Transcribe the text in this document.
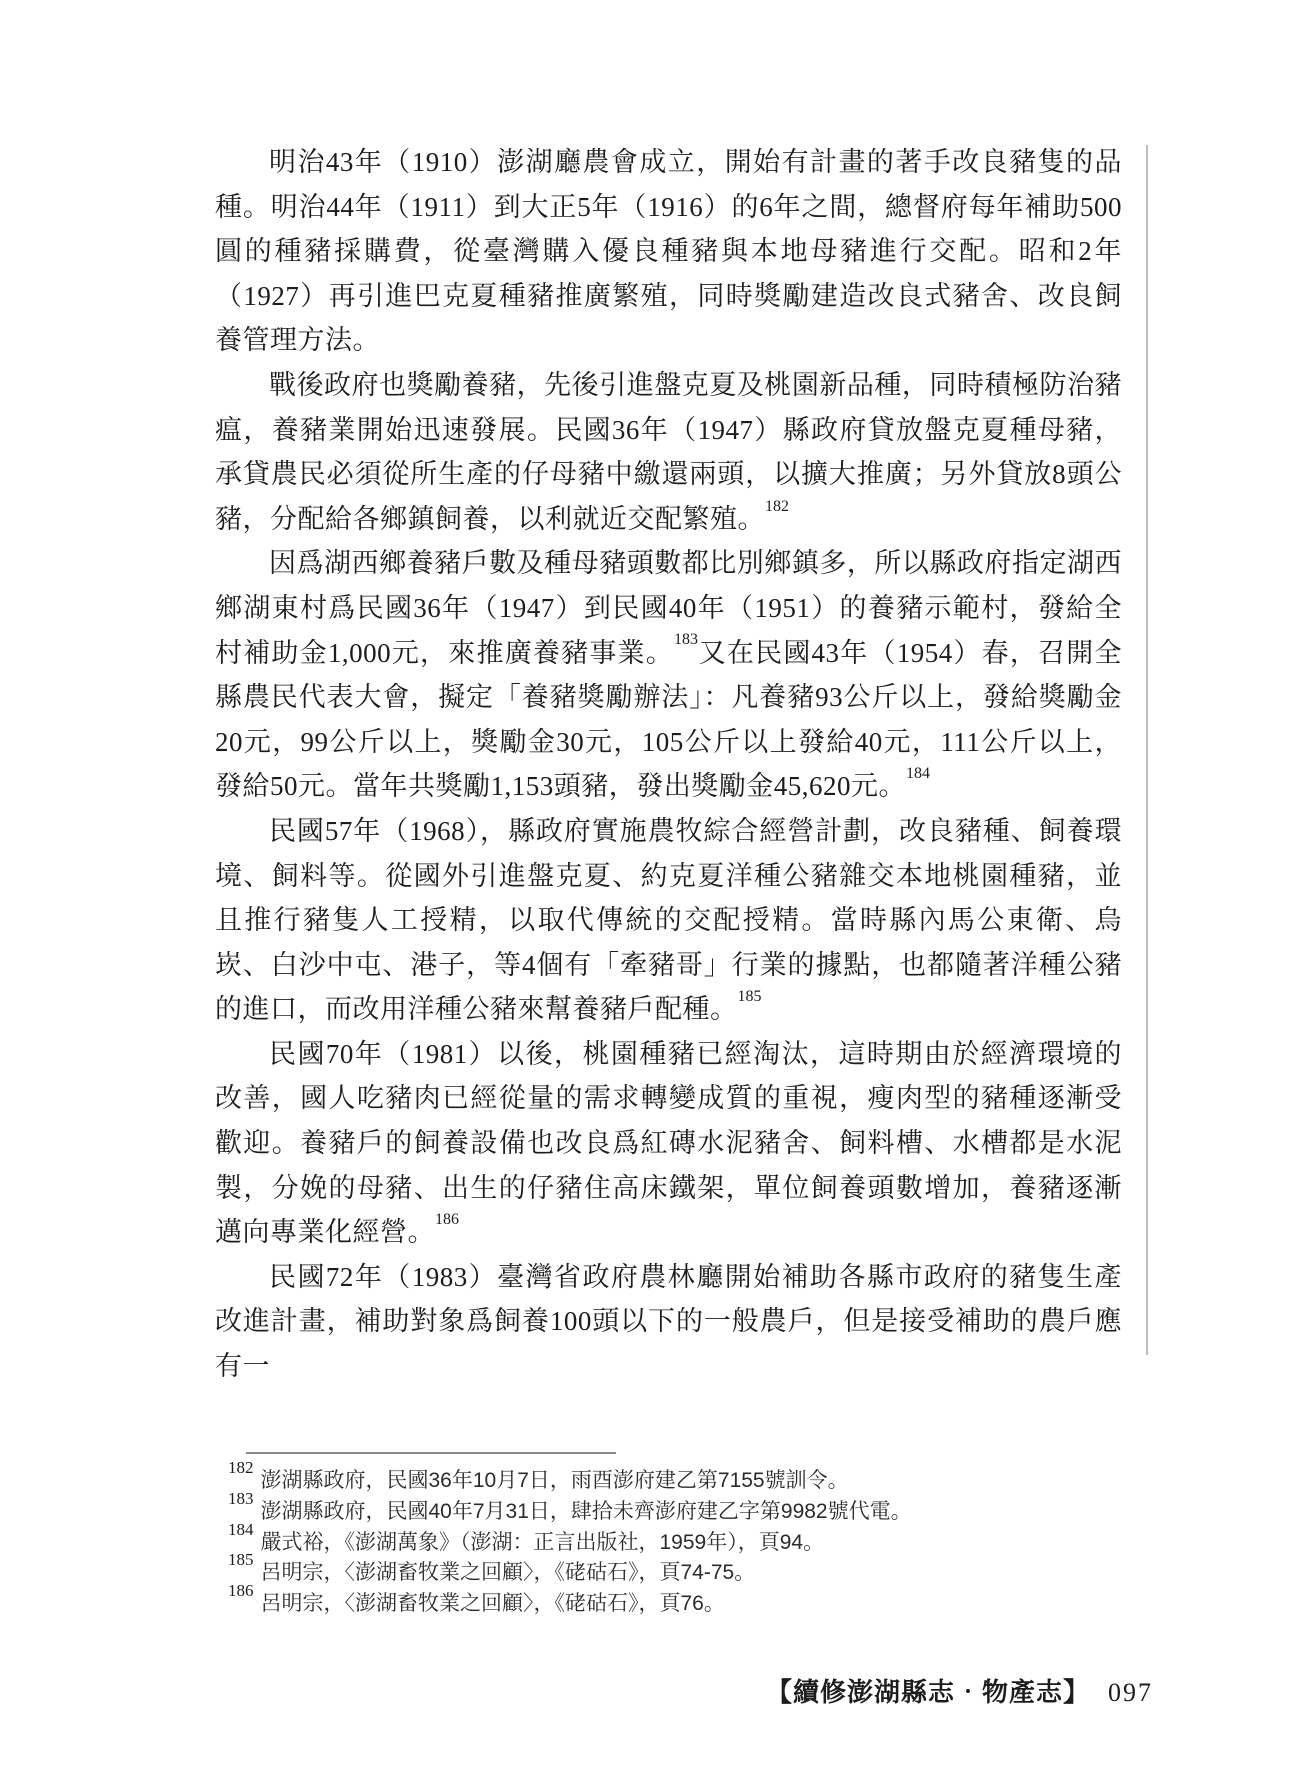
明治43年（1910）澎湖廳農會成立，開始有計畫的著手改良豬隻的品種。明治44年（1911）到大正5年（1916）的6年之間，總督府每年補助500圓的種豬採購費，從臺灣購入優良種豬與本地母豬進行交配。昭和2年（1927）再引進巴克夏種豬推廣繁殖，同時獎勵建造改良式豬舍、改良飼養管理方法。

戰後政府也獎勵養豬，先後引進盤克夏及桃園新品種，同時積極防治豬瘟，養豬業開始迅速發展。民國36年（1947）縣政府貸放盤克夏種母豬，承貸農民必須從所生產的仔母豬中繳還兩頭，以擴大推廣；另外貸放8頭公豬，分配給各鄉鎮飼養，以利就近交配繁殖。$^{182}$

因爲湖西鄉養豬戶數及種母豬頭數都比別鄉鎮多，所以縣政府指定湖西鄉湖東村爲民國36年（1947）到民國40年（1951）的養豬示範村，發給全村補助金1,000元，來推廣養豬事業。$^{183}$又在民國43年（1954）春，召開全縣農民代表大會，擬定「養豬獎勵辦法」：凡養豬93公斤以上，發給獎勵金20元，99公斤以上，獎勵金30元，105公斤以上發給40元，111公斤以上，發給50元。當年共獎勵1,153頭豬，發出獎勵金45,620元。$^{184}$

民國57年（1968），縣政府實施農牧綜合經營計劃，改良豬種、飼養環境、飼料等。從國外引進盤克夏、約克夏洋種公豬雜交本地桃園種豬，並且推行豬隻人工授精，以取代傳統的交配授精。當時縣內馬公東衛、烏崁、白沙中屯、港子，等4個有「牽豬哥」行業的據點，也都隨著洋種公豬的進口，而改用洋種公豬來幫養豬戶配種。$^{185}$

民國70年（1981）以後，桃園種豬已經淘汰，這時期由於經濟環境的改善，國人吃豬肉已經從量的需求轉變成質的重視，瘦肉型的豬種逐漸受歡迎。養豬戶的飼養設備也改良爲紅磚水泥豬舍、飼料槽、水槽都是水泥製，分娩的母豬、出生的仔豬住高床鐵架，單位飼養頭數增加，養豬逐漸邁向專業化經營。$^{186}$

民國72年（1983）臺灣省政府農林廳開始補助各縣市政府的豬隻生產改進計畫，補助對象爲飼養100頭以下的一般農戶，但是接受補助的農戶應有一

$^{182}$澎湖縣政府，民國36年10月7日，雨酉澎府建乙第7155號訓令。

$^{183}$澎湖縣政府，民國40年7月31日，肆拾未齊澎府建乙字第9982號代電。

$^{184}$嚴式裕，《澎湖萬象》（澎湖：正言出版社，1959年），頁94。

$^{185}$呂明宗，〈澎湖畜牧業之回顧〉，《硓𥑮石》，頁74-75。

$^{186}$呂明宗，〈澎湖畜牧業之回顧〉，《硓𥑮石》，頁76。

【續修澎湖縣志‧物產志】 097
